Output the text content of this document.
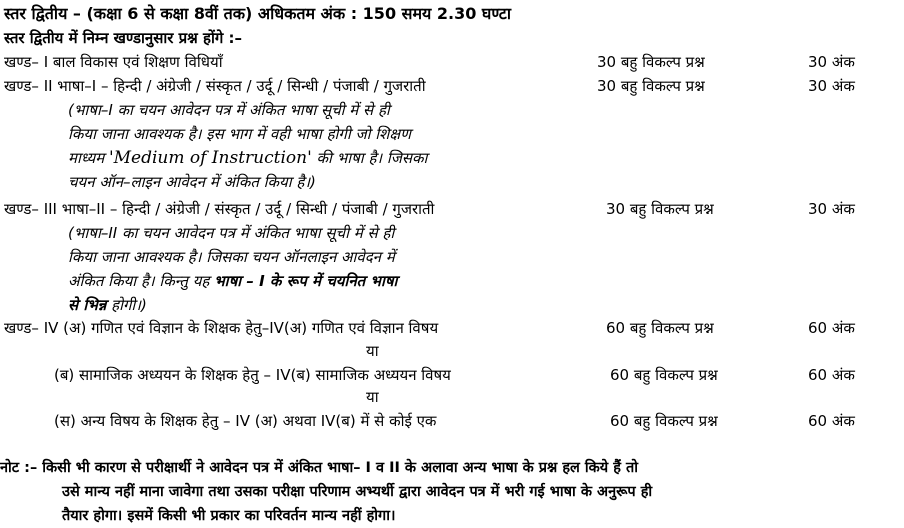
स्तर द्वितीय – (कक्षा 6 से कक्षा 8वीं तक) अधिकतम अंक : 150 समय 2.30 घण्टा
स्तर द्वितीय में निम्न खण्डानुसार प्रश्न होंगे :–
खण्ड– I बाल विकास एवं शिक्षण विधियाँ	30 बहु विकल्प प्रश्न	30 अंक
खण्ड– II भाषा–I – हिन्दी / अंग्रेजी / संस्कृत / उर्दू / सिन्धी / पंजाबी / गुजराती	30 बहु विकल्प प्रश्न	30 अंक
(भाषा–I का चयन आवेदन पत्र में अंकित भाषा सूची में से ही
किया जाना आवश्यक है। इस भाग में वही भाषा होगी जो शिक्षण
माध्यम 'Medium of Instruction' की भाषा है। जिसका
चयन ऑन–लाइन आवेदन में अंकित किया है।)
खण्ड– III भाषा–II – हिन्दी / अंग्रेजी / संस्कृत / उर्दू / सिन्धी / पंजाबी / गुजराती	30 बहु विकल्प प्रश्न	30 अंक
(भाषा–II का चयन आवेदन पत्र में अंकित भाषा सूची में से ही
किया जाना आवश्यक है। जिसका चयन ऑनलाइन आवेदन में
अंकित किया है। किन्तु यह भाषा – I के रूप में चयनित भाषा
से भिन्न होगी।)
खण्ड– IV (अ) गणित एवं विज्ञान के शिक्षक हेतु–IV(अ) गणित एवं विज्ञान विषय	60 बहु विकल्प प्रश्न	60 अंक
या
(ब) सामाजिक अध्ययन के शिक्षक हेतु – IV(ब) सामाजिक अध्ययन विषय	60 बहु विकल्प प्रश्न	60 अंक
या
(स) अन्य विषय के शिक्षक हेतु – IV (अ) अथवा IV(ब) में से कोई एक	60 बहु विकल्प प्रश्न	60 अंक
नोट :– किसी भी कारण से परीक्षार्थी ने आवेदन पत्र में अंकित भाषा– I व II के अलावा अन्य भाषा के प्रश्न हल किये हैं तो
उसे मान्य नहीं माना जावेगा तथा उसका परीक्षा परिणाम अभ्यर्थी द्वारा आवेदन पत्र में भरी गई भाषा के अनुरूप ही
तैयार होगा। इसमें किसी भी प्रकार का परिवर्तन मान्य नहीं होगा।
